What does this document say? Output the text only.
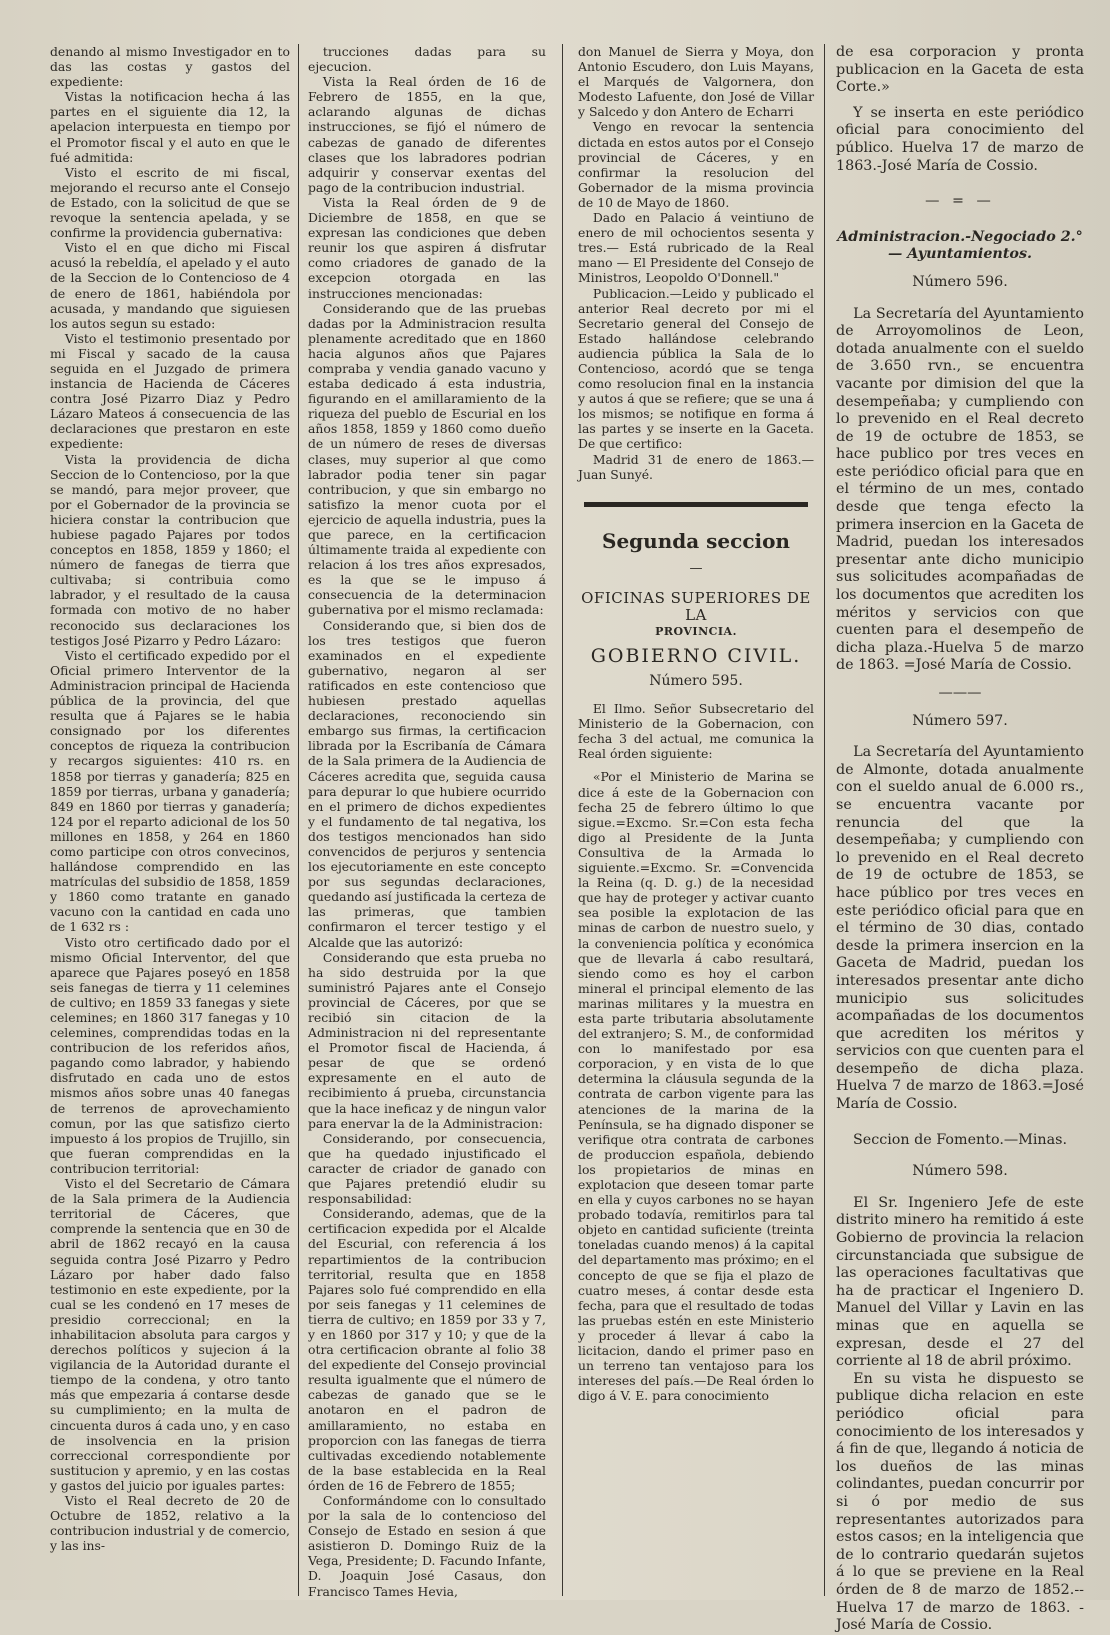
denando al mismo Investigador en to das las costas y gastos del expediente:

Vistas la notificacion hecha á las partes en el siguiente dia 12, la apelacion interpuesta en tiempo por el Promotor fiscal y el auto en que le fué admitida:

Visto el escrito de mi fiscal, mejorando el recurso ante el Consejo de Estado, con la solicitud de que se revoque la sentencia apelada, y se confirme la providencia gubernativa:

Visto el en que dicho mi Fiscal acusó la rebeldía, el apelado y el auto de la Seccion de lo Contencioso de 4 de enero de 1861, habiéndola por acusada, y mandando que siguiesen los autos segun su estado:

Visto el testimonio presentado por mi Fiscal y sacado de la causa seguida en el Juzgado de primera instancia de Hacienda de Cáceres contra José Pizarro Diaz y Pedro Lázaro Mateos á consecuencia de las declaraciones que prestaron en este expediente:

Vista la providencia de dicha Seccion de lo Contencioso, por la que se mandó, para mejor proveer, que por el Gobernador de la provincia se hiciera constar la contribucion que hubiese pagado Pajares por todos conceptos en 1858, 1859 y 1860; el número de fanegas de tierra que cultivaba; si contribuia como labrador, y el resultado de la causa formada con motivo de no haber reconocido sus declaraciones los testigos José Pizarro y Pedro Lázaro:

Visto el certificado expedido por el Oficial primero Interventor de la Administracion principal de Hacienda pública de la provincia, del que resulta que á Pajares se le habia consignado por los diferentes conceptos de riqueza la contribucion y recargos siguientes: 410 rs. en 1858 por tierras y ganadería; 825 en 1859 por tierras, urbana y ganadería; 849 en 1860 por tierras y ganadería; 124 por el reparto adicional de los 50 millones en 1858, y 264 en 1860 como participe con otros convecinos, hallándose comprendido en las matrículas del subsidio de 1858, 1859 y 1860 como tratante en ganado vacuno con la cantidad en cada uno de 1 632 rs :

Visto otro certificado dado por el mismo Oficial Interventor, del que aparece que Pajares poseyó en 1858 seis fanegas de tierra y 11 celemines de cultivo; en 1859 33 fanegas y siete celemines; en 1860 317 fanegas y 10 celemines, comprendidas todas en la contribucion de los referidos años, pagando como labrador, y habiendo disfrutado en cada uno de estos mismos años sobre unas 40 fanegas de terrenos de aprovechamiento comun, por las que satisfizo cierto impuesto á los propios de Trujillo, sin que fueran comprendidas en la contribucion territorial:

Visto el del Secretario de Cámara de la Sala primera de la Audiencia territorial de Cáceres, que comprende la sentencia que en 30 de abril de 1862 recayó en la causa seguida contra José Pizarro y Pedro Lázaro por haber dado falso testimonio en este expediente, por la cual se les condenó en 17 meses de presidio correccional; en la inhabilitacion absoluta para cargos y derechos políticos y sujecion á la vigilancia de la Autoridad durante el tiempo de la condena, y otro tanto más que empezaria á contarse desde su cumplimiento; en la multa de cincuenta duros á cada uno, y en caso de insolvencia en la prision correccional correspondiente por sustitucion y apremio, y en las costas y gastos del juicio por iguales partes:

Visto el Real decreto de 20 de Octubre de 1852, relativo a la contribucion industrial y de comercio, y las ins-

trucciones dadas para su ejecucion.

Vista la Real órden de 16 de Febrero de 1855, en la que, aclarando algunas de dichas instrucciones, se fijó el número de cabezas de ganado de diferentes clases que los labradores podrian adquirir y conservar exentas del pago de la contribucion industrial.

Vista la Real órden de 9 de Diciembre de 1858, en que se expresan las condiciones que deben reunir los que aspiren á disfrutar como criadores de ganado de la excepcion otorgada en las instrucciones mencionadas:

Considerando que de las pruebas dadas por la Administracion resulta plenamente acreditado que en 1860 hacia algunos años que Pajares compraba y vendia ganado vacuno y estaba dedicado á esta industria, figurando en el amillaramiento de la riqueza del pueblo de Escurial en los años 1858, 1859 y 1860 como dueño de un número de reses de diversas clases, muy superior al que como labrador podia tener sin pagar contribucion, y que sin embargo no satisfizo la menor cuota por el ejercicio de aquella industria, pues la que parece, en la certificacion últimamente traida al expediente con relacion á los tres años expresados, es la que se le impuso á consecuencia de la determinacion gubernativa por el mismo reclamada:

Considerando que, si bien dos de los tres testigos que fueron examinados en el expediente gubernativo, negaron al ser ratificados en este contencioso que hubiesen prestado aquellas declaraciones, reconociendo sin embargo sus firmas, la certificacion librada por la Escribanía de Cámara de la Sala primera de la Audiencia de Cáceres acredita que, seguida causa para depurar lo que hubiere ocurrido en el primero de dichos expedientes y el fundamento de tal negativa, los dos testigos mencionados han sido convencidos de perjuros y sentencia los ejecutoriamente en este concepto por sus segundas declaraciones, quedando así justificada la certeza de las primeras, que tambien confirmaron el tercer testigo y el Alcalde que las autorizó:

Considerando que esta prueba no ha sido destruida por la que suministró Pajares ante el Consejo provincial de Cáceres, por que se recibió sin citacion de la Administracion ni del representante el Promotor fiscal de Hacienda, á pesar de que se ordenó expresamente en el auto de recibimiento á prueba, circunstancia que la hace ineficaz y de ningun valor para enervar la de la Administracion:

Considerando, por consecuencia, que ha quedado injustificado el caracter de criador de ganado con que Pajares pretendió eludir su responsabilidad:

Considerando, ademas, que de la certificacion expedida por el Alcalde del Escurial, con referencia á los repartimientos de la contribucion territorial, resulta que en 1858 Pajares solo fué comprendido en ella por seis fanegas y 11 celemines de tierra de cultivo; en 1859 por 33 y 7, y en 1860 por 317 y 10; y que de la otra certificacion obrante al folio 38 del expediente del Consejo provincial resulta igualmente que el número de cabezas de ganado que se le anotaron en el padron de amillaramiento, no estaba en proporcion con las fanegas de tierra cultivadas excediendo notablemente de la base establecida en la Real órden de 16 de Febrero de 1855;

Conformándome con lo consultado por la sala de lo contencioso del Consejo de Estado en sesion á que asistieron D. Domingo Ruiz de la Vega, Presidente; D. Facundo Infante, D. Joaquin José Casaus, don Francisco Tames Hevia,

don Manuel de Sierra y Moya, don Antonio Escudero, don Luis Mayans, el Marqués de Valgornera, don Modesto Lafuente, don José de Villar y Salcedo y don Antero de Echarri

Vengo en revocar la sentencia dictada en estos autos por el Consejo provincial de Cáceres, y en confirmar la resolucion del Gobernador de la misma provincia de 10 de Mayo de 1860.

Dado en Palacio á veintiuno de enero de mil ochocientos sesenta y tres.— Está rubricado de la Real mano — El Presidente del Consejo de Ministros, Leopoldo O'Donnell."

Publicacion.—Leido y publicado el anterior Real decreto por mi el Secretario general del Consejo de Estado hallándose celebrando audiencia pública la Sala de lo Contencioso, acordó que se tenga como resolucion final en la instancia y autos á que se refiere; que se una á los mismos; se notifique en forma á las partes y se inserte en la Gaceta. De que certifico:

Madrid 31 de enero de 1863.— Juan Sunyé.

Segunda seccion
—
OFICINAS SUPERIORES DE LA
PROVINCIA.
GOBIERNO CIVIL.
Número 595.

El Ilmo. Señor Subsecretario del Ministerio de la Gobernacion, con fecha 3 del actual, me comunica la Real órden siguiente:

«Por el Ministerio de Marina se dice á este de la Gobernacion con fecha 25 de febrero último lo que sigue.=Excmo. Sr.=Con esta fecha digo al Presidente de la Junta Consultiva de la Armada lo siguiente.=Excmo. Sr. =Convencida la Reina (q. D. g.) de la necesidad que hay de proteger y activar cuanto sea posible la explotacion de las minas de carbon de nuestro suelo, y la conveniencia política y económica que de llevarla á cabo resultará, siendo como es hoy el carbon mineral el principal elemento de las marinas militares y la muestra en esta parte tributaria absolutamente del extranjero; S. M., de conformidad con lo manifestado por esa corporacion, y en vista de lo que determina la cláusula segunda de la contrata de carbon vigente para las atenciones de la marina de la Península, se ha dignado disponer se verifique otra contrata de carbones de produccion española, debiendo los propietarios de minas en explotacion que deseen tomar parte en ella y cuyos carbones no se hayan probado todavía, remitirlos para tal objeto en cantidad suficiente (treinta toneladas cuando menos) á la capital del departamento mas próximo; en el concepto de que se fija el plazo de cuatro meses, á contar desde esta fecha, para que el resultado de todas las pruebas estén en este Ministerio y proceder á llevar á cabo la licitacion, dando el primer paso en un terreno tan ventajoso para los intereses del país.—De Real órden lo digo á V. E. para conocimiento

de esa corporacion y pronta publicacion en la Gaceta de esta Corte.»

Y se inserta en este periódico oficial para conocimiento del público. Huelva 17 de marzo de 1863.-José María de Cossio.

— = —
Administracion.-Negociado 2.°— Ayuntamientos.
Número 596.

La Secretaría del Ayuntamiento de Arroyomolinos de Leon, dotada anualmente con el sueldo de 3.650 rvn., se encuentra vacante por dimision del que la desempeñaba; y cumpliendo con lo prevenido en el Real decreto de 19 de octubre de 1853, se hace publico por tres veces en este periódico oficial para que en el término de un mes, contado desde que tenga efecto la primera insercion en la Gaceta de Madrid, puedan los interesados presentar ante dicho municipio sus solicitudes acompañadas de los documentos que acrediten los méritos y servicios con que cuenten para el desempeño de dicha plaza.-Huelva 5 de marzo de 1863. =José María de Cossio.

———
Número 597.

La Secretaría del Ayuntamiento de Almonte, dotada anualmente con el sueldo anual de 6.000 rs., se encuentra vacante por renuncia del que la desempeñaba; y cumpliendo con lo prevenido en el Real decreto de 19 de octubre de 1853, se hace público por tres veces en este periódico oficial para que en el término de 30 dias, contado desde la primera insercion en la Gaceta de Madrid, puedan los interesados presentar ante dicho municipio sus solicitudes acompañadas de los documentos que acrediten los méritos y servicios con que cuenten para el desempeño de dicha plaza. Huelva 7 de marzo de 1863.=José María de Cossio.

Seccion de Fomento.—Minas.
Número 598.

El Sr. Ingeniero Jefe de este distrito minero ha remitido á este Gobierno de provincia la relacion circunstanciada que subsigue de las operaciones facultativas que ha de practicar el Ingeniero D. Manuel del Villar y Lavin en las minas que en aquella se expresan, desde el 27 del corriente al 18 de abril próximo.

En su vista he dispuesto se publique dicha relacion en este periódico oficial para conocimiento de los interesados y á fin de que, llegando á noticia de los dueños de las minas colindantes, puedan concurrir por si ó por medio de sus representantes autorizados para estos casos; en la inteligencia que de lo contrario quedarán sujetos á lo que se previene en la Real órden de 8 de marzo de 1852.--Huelva 17 de marzo de 1863. -José María de Cossio.
